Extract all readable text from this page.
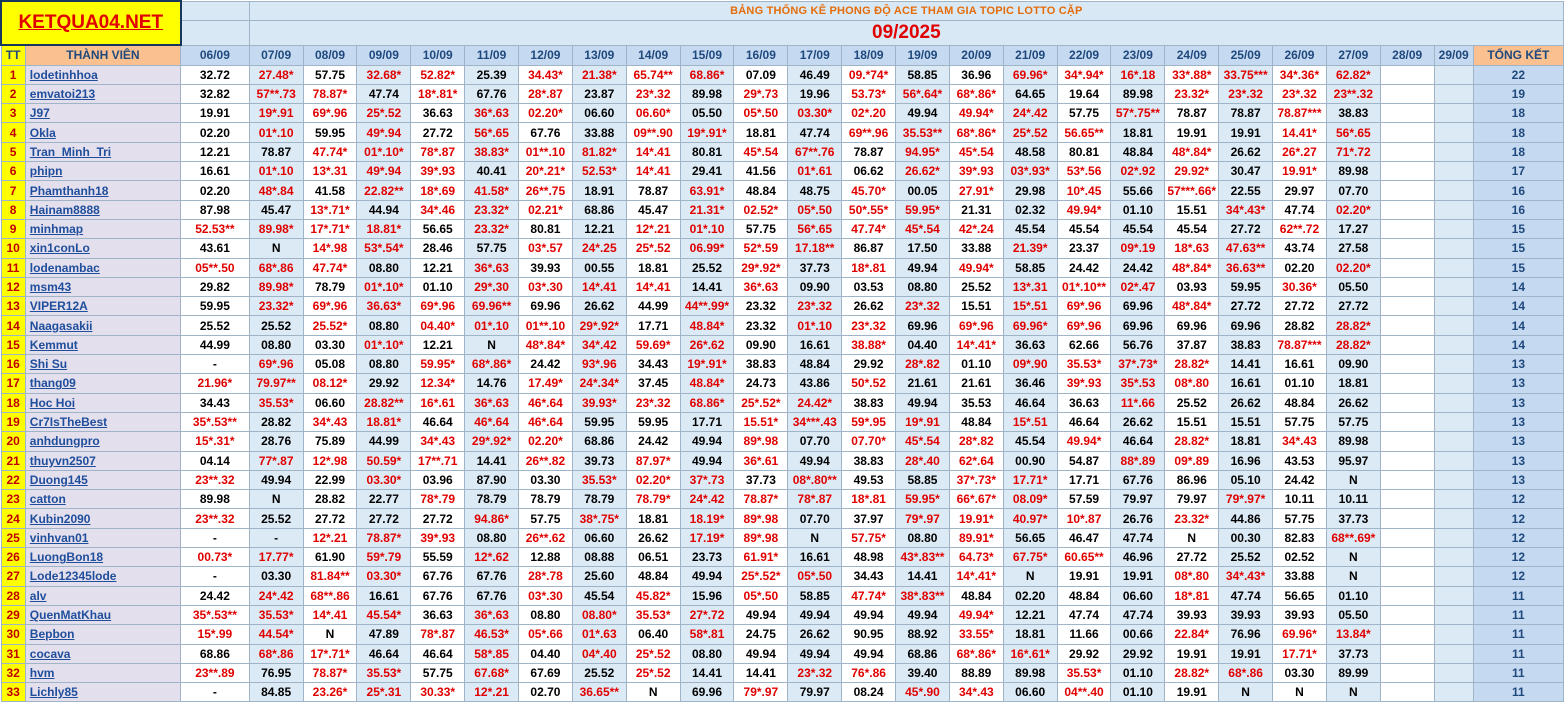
KETQUA04.NET			BẢNG THỐNG KÊ PHONG ĐỘ ACE THAM GIA TOPIC LOTTO CẶP																							
			09/2025																							
TT	THÀNH VIÊN	06/09	07/09	08/09	09/09	10/09	11/09	12/09	13/09	14/09	15/09	16/09	17/09	18/09	19/09	20/09	21/09	22/09	23/09	24/09	25/09	26/09	27/09	28/09	29/09	TỔNG KẾT
1	lodetinhhoa	32.72	27.48*	57.75	32.68*	52.82*	25.39	34.43*	21.38*	65.74**	68.86*	07.09	46.49	09.*74*	58.85	36.96	69.96*	34*.94*	16*.18	33*.88*	33.75***	34*.36*	62.82*			22
2	emvatoi213	32.82	57**.73	78.87*	47.74	18*.81*	67.76	28*.87	23.87	23*.32	89.98	29*.73	19.96	53.73*	56*.64*	68*.86*	64.65	19.64	89.98	23.32*	23*.32	23*.32	23**.32			19
3	J97	19.91	19*.91	69*.96	25*.52	36.63	36*.63	02.20*	06.60	06.60*	05.50	05*.50	03.30*	02*.20	49.94	49.94*	24*.42	57.75	57*.75**	78.87	78.87	78.87***	38.83			18
4	Okla	02.20	01*.10	59.95	49*.94	27.72	56*.65	67.76	33.88	09**.90	19*.91*	18.81	47.74	69**.96	35.53**	68*.86*	25*.52	56.65**	18.81	19.91	19.91	14.41*	56*.65			18
5	Tran_Minh_Tri	12.21	78.87	47.74*	01*.10*	78*.87	38.83*	01**.10	81.82*	14*.41	80.81	45*.54	67**.76	78.87	94.95*	45*.54	48.58	80.81	48.84	48*.84*	26.62	26*.27	71*.72			18
6	phipn	16.61	01*.10	13*.31	49*.94	39*.93	40.41	20*.21*	52.53*	14*.41	29.41	41.56	01*.61	06.62	26.62*	39*.93	03*.93*	53*.56	02*.92	29.92*	30.47	19.91*	89.98			17
7	Phamthanh18	02.20	48*.84	41.58	22.82**	18*.69	41.58*	26**.75	18.91	78.87	63.91*	48.84	48.75	45.70*	00.05	27.91*	29.98	10*.45	55.66	57***.66*	22.55	29.97	07.70			16
8	Hainam8888	87.98	45.47	13*.71*	44.94	34*.46	23.32*	02.21*	68.86	45.47	21.31*	02.52*	05*.50	50*.55*	59.95*	21.31	02.32	49.94*	01.10	15.51	34*.43*	47.74	02.20*			16
9	minhmap	52.53**	89.98*	17*.71*	18.81*	56.65	23.32*	80.81	12.21	12*.21	01*.10	57.75	56*.65	47.74*	45*.54	42*.24	45.54	45.54	45.54	45.54	27.72	62**.72	17.27			15
10	xin1conLo	43.61	N	14*.98	53*.54*	28.46	57.75	03*.57	24*.25	25*.52	06.99*	52*.59	17.18**	86.87	17.50	33.88	21.39*	23.37	09*.19	18*.63	47.63**	43.74	27.58			15
11	lodenambac	05**.50	68*.86	47.74*	08.80	12.21	36*.63	39.93	00.55	18.81	25.52	29*.92*	37.73	18*.81	49.94	49.94*	58.85	24.42	24.42	48*.84*	36.63**	02.20	02.20*			15
12	msm43	29.82	89.98*	78.79	01*.10*	01.10	29*.30	03*.30	14*.41	14*.41	14.41	36*.63	09.90	03.53	08.80	25.52	13*.31	01*.10**	02*.47	03.93	59.95	30.36*	05.50			14
13	VIPER12A	59.95	23.32*	69*.96	36.63*	69*.96	69.96**	69.96	26.62	44.99	44**.99*	23.32	23*.32	26.62	23*.32	15.51	15*.51	69*.96	69.96	48*.84*	27.72	27.72	27.72			14
14	Naagasakii	25.52	25.52	25.52*	08.80	04.40*	01*.10	01**.10	29*.92*	17.71	48.84*	23.32	01*.10	23*.32	69.96	69*.96	69.96*	69*.96	69.96	69.96	69.96	28.82	28.82*			14
15	Kemmut	44.99	08.80	03.30	01*.10*	12.21	N	48*.84*	34*.42	59.69*	26*.62	09.90	16.61	38.88*	04.40	14*.41*	36.63	62.66	56.76	37.87	38.83	78.87***	28.82*			14
16	Shi Su	-	69*.96	05.08	08.80	59.95*	68*.86*	24.42	93*.96	34.43	19*.91*	38.83	48.84	29.92	28*.82	01.10	09*.90	35.53*	37*.73*	28.82*	14.41	16.61	09.90			13
17	thang09	21.96*	79.97**	08.12*	29.92	12.34*	14.76	17.49*	24*.34*	37.45	48.84*	24.73	43.86	50*.52	21.61	21.61	36.46	39*.93	35*.53	08*.80	16.61	01.10	18.81			13
18	Hoc Hoi	34.43	35.53*	06.60	28.82**	16*.61	36*.63	46*.64	39.93*	23*.32	68.86*	25*.52*	24.42*	38.83	49.94	35.53	46.64	36.63	11*.66	25.52	26.62	48.84	26.62			13
19	Cr7IsTheBest	35*.53**	28.82	34*.43	18.81*	46.64	46*.64	46*.64	59.95	59.95	17.71	15.51*	34***.43	59*.95	19*.91	48.84	15*.51	46.64	26.62	15.51	15.51	57.75	57.75			13
20	anhdungpro	15*.31*	28.76	75.89	44.99	34*.43	29*.92*	02.20*	68.86	24.42	49.94	89*.98	07.70	07.70*	45*.54	28*.82	45.54	49.94*	46.64	28.82*	18.81	34*.43	89.98			13
21	thuyvn2507	04.14	77*.87	12*.98	50.59*	17**.71	14.41	26**.82	39.73	87.97*	49.94	36*.61	49.94	38.83	28*.40	62*.64	00.90	54.87	88*.89	09*.89	16.96	43.53	95.97			13
22	Duong145	23**.32	49.94	22.99	03.30*	03.96	87.90	03.30	35.53*	02.20*	37*.73	37.73	08*.80**	49.53	58.85	37*.73*	17.71*	17.71	67.76	86.96	05.10	24.42	N			13
23	catton	89.98	N	28.82	22.77	78*.79	78.79	78.79	78.79	78.79*	24*.42	78.87*	78*.87	18*.81	59.95*	66*.67*	08.09*	57.59	79.97	79.97	79*.97*	10.11	10.11			12
24	Kubin2090	23**.32	25.52	27.72	27.72	27.72	94.86*	57.75	38*.75*	18.81	18.19*	89*.98	07.70	37.97	79*.97	19.91*	40.97*	10*.87	26.76	23.32*	44.86	57.75	37.73			12
25	vinhvan01	-	-	12*.21	78.87*	39*.93	08.80	26**.62	06.60	26.62	17.19*	89*.98	N	57.75*	08.80	89.91*	56.65	46.47	47.74	N	00.30	82.83	68**.69*			12
26	LuongBon18	00.73*	17.77*	61.90	59*.79	55.59	12*.62	12.88	08.88	06.51	23.73	61.91*	16.61	48.98	43*.83**	64.73*	67.75*	60.65**	46.96	27.72	25.52	02.52	N			12
27	Lode12345lode	-	03.30	81.84**	03.30*	67.76	67.76	28*.78	25.60	48.84	49.94	25*.52*	05*.50	34.43	14.41	14*.41*	N	19.91	19.91	08*.80	34*.43*	33.88	N			12
28	alv	24.42	24*.42	68**.86	16.61	67.76	67.76	03*.30	45.54	45.82*	15.96	05*.50	58.85	47.74*	38*.83**	48.84	02.20	48.84	06.60	18*.81	47.74	56.65	01.10			11
29	QuenMatKhau	35*.53**	35.53*	14*.41	45.54*	36.63	36*.63	08.80	08.80*	35.53*	27*.72	49.94	49.94	49.94	49.94	49.94*	12.21	47.74	47.74	39.93	39.93	39.93	05.50			11
30	Bepbon	15*.99	44.54*	N	47.89	78*.87	46.53*	05*.66	01*.63	06.40	58*.81	24.75	26.62	90.95	88.92	33.55*	18.81	11.66	00.66	22.84*	76.96	69.96*	13.84*			11
31	cocava	68.86	68*.86	17*.71*	46.64	46.64	58*.85	04.40	04*.40	25*.52	08.80	49.94	49.94	49.94	68.86	68*.86*	16*.61*	29.92	29.92	19.91	19.91	17.71*	37.73			11
32	hvm	23**.89	76.95	78.87*	35.53*	57.75	67.68*	67.69	25.52	25*.52	14.41	14.41	23*.32	76*.86	39.40	88.89	89.98	35.53*	01.10	28.82*	68*.86	03.30	89.99			11
33	Lichly85	-	84.85	23.26*	25*.31	30.33*	12*.21	02.70	36.65**	N	69.96	79*.97	79.97	08.24	45*.90	34*.43	06.60	04**.40	01.10	19.91	N	N	N			11
